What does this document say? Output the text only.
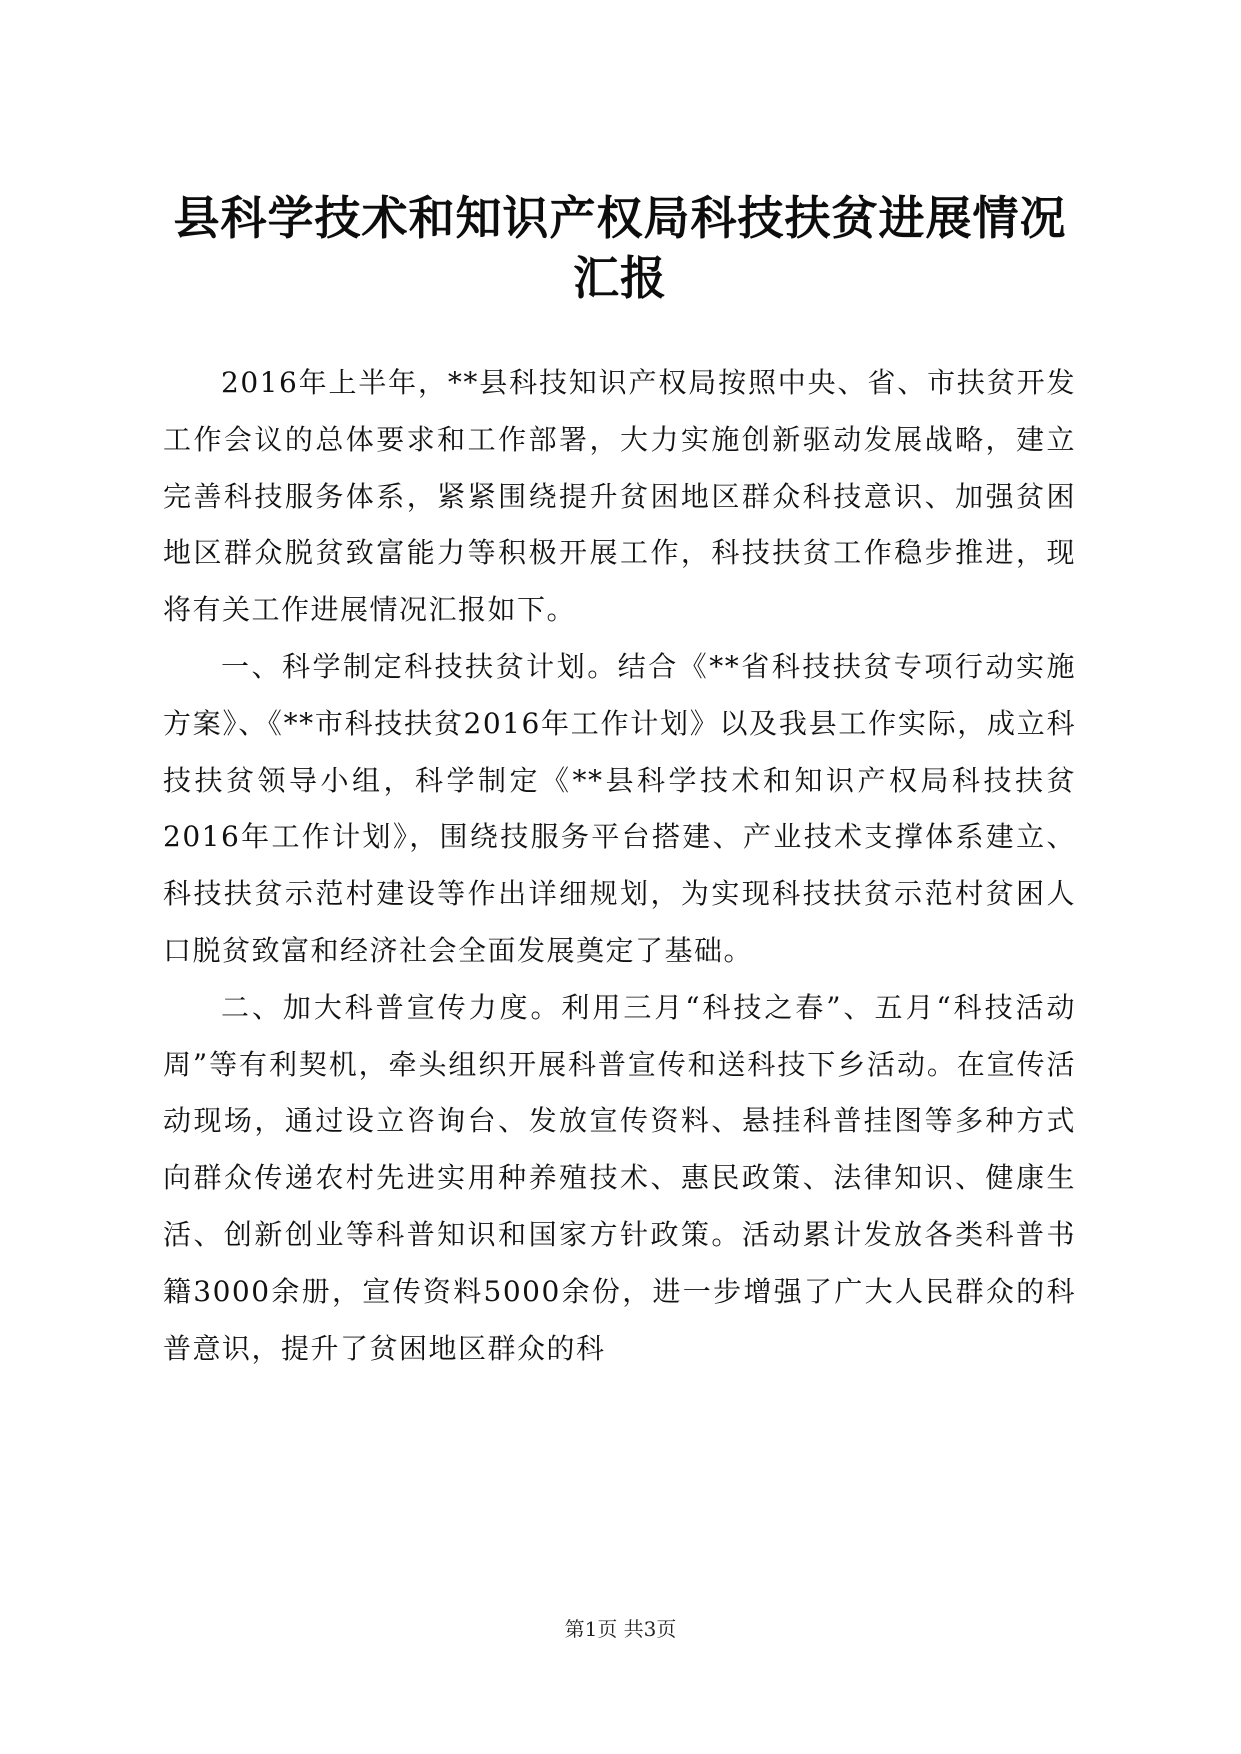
县科学技术和知识产权局科技扶贫进展情况汇报

2016年上半年，**县科技知识产权局按照中央、省、市扶贫开发工作会议的总体要求和工作部署，大力实施创新驱动发展战略，建立完善科技服务体系，紧紧围绕提升贫困地区群众科技意识、加强贫困地区群众脱贫致富能力等积极开展工作，科技扶贫工作稳步推进，现将有关工作进展情况汇报如下。

一、科学制定科技扶贫计划。结合《**省科技扶贫专项行动实施方案》、《**市科技扶贫2016年工作计划》以及我县工作实际，成立科技扶贫领导小组，科学制定《**县科学技术和知识产权局科技扶贫2016年工作计划》，围绕技服务平台搭建、产业技术支撑体系建立、科技扶贫示范村建设等作出详细规划，为实现科技扶贫示范村贫困人口脱贫致富和经济社会全面发展奠定了基础。

二、加大科普宣传力度。利用三月“科技之春”、五月“科技活动周”等有利契机，牵头组织开展科普宣传和送科技下乡活动。在宣传活动现场，通过设立咨询台、发放宣传资料、悬挂科普挂图等多种方式向群众传递农村先进实用种养殖技术、惠民政策、法律知识、健康生活、创新创业等科普知识和国家方针政策。活动累计发放各类科普书籍3000余册，宣传资料5000余份，进一步增强了广大人民群众的科普意识，提升了贫困地区群众的科

第1页 共3页
